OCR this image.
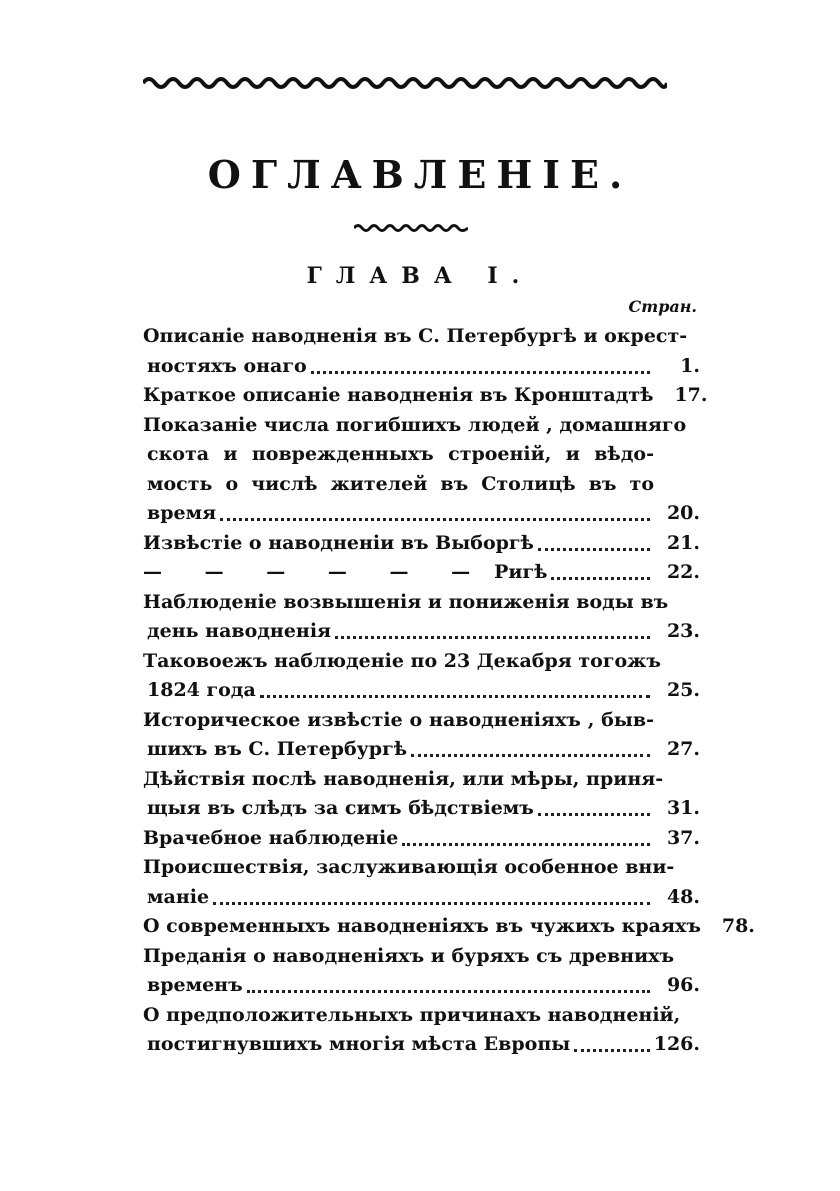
ОГЛАВЛЕНІЕ.
ГЛАВА I.
Стран.
Описаніе наводненія въ С. Петербургѣ и окрест-
ностяхъ онаго	1.
Краткое описаніе наводненія въ Кронштадтѣ	17.
Показаніе числа погибшихъ людей , домашняго
скота и поврежденныхъ строеній, и вѣдо-
мость о числѣ жителей въ Столицѣ въ то
время	20.
Извѣстіе о наводненіи въ Выборгѣ	21.
— — — — — — Ригѣ	22.
Наблюденіе возвышенія и пониженія воды въ
день наводненія	23.
Таковоежъ наблюденіе по 23 Декабря тогожъ
1824 года	25.
Историческое извѣстіе о наводненіяхъ , быв-
шихъ въ С. Петербургѣ	27.
Дѣйствія послѣ наводненія, или мѣры, приня-
щыя въ слѣдъ за симъ бѣдствіемъ	31.
Врачебное наблюденіе	37.
Происшествія, заслуживающія особенное вни-
маніе	48.
О современныхъ наводненіяхъ въ чужихъ краяхъ	78.
Преданія о наводненіяхъ и буряхъ съ древнихъ
временъ	96.
О предположительныхъ причинахъ наводненій,
постигнувшихъ многія мѣста Европы	126.
